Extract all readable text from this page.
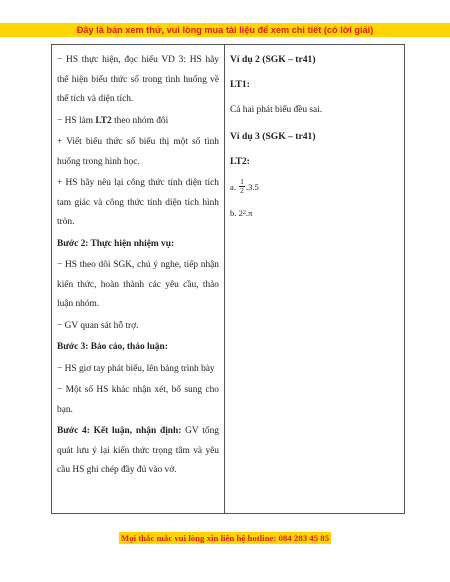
Đây là bản xem thử, vui lòng mua tài liệu để xem chi tiết (có lời giải)

− HS thực hiện, đọc hiểu VD 3: HS hãy thể hiện biểu thức số trong tình huống về thể tích và diện tích.

− HS làm LT2 theo nhóm đôi

+ Viết biểu thức số biểu thị một số tình huống trong hình học.

+ HS hãy nêu lại công thức tính diện tích tam giác và công thức tính diện tích hình tròn.

Bước 2: Thực hiện nhiệm vụ:

− HS theo dõi SGK, chú ý nghe, tiếp nhận kiến thức, hoàn thành các yêu cầu, thảo luận nhóm.

− GV quan sát hỗ trợ.

Bước 3: Báo cáo, thảo luận:

− HS giơ tay phát biểu, lên bảng trình bày

− Một số HS khác nhận xét, bổ sung cho bạn.

Bước 4: Kết luận, nhận định: GV tổng quát lưu ý lại kiến thức trọng tâm và yêu cầu HS ghi chép đầy đủ vào vở.

Ví dụ 2 (SGK – tr41)

LT1:

Cả hai phát biểu đều sai.

Ví dụ 3 (SGK – tr41)

LT2:

a.
$\frac{1}{2} .3.5$
b.
2 2 .π
Mọi thắc mắc vui lòng xin liên hệ hotline: 084 283 45 85
